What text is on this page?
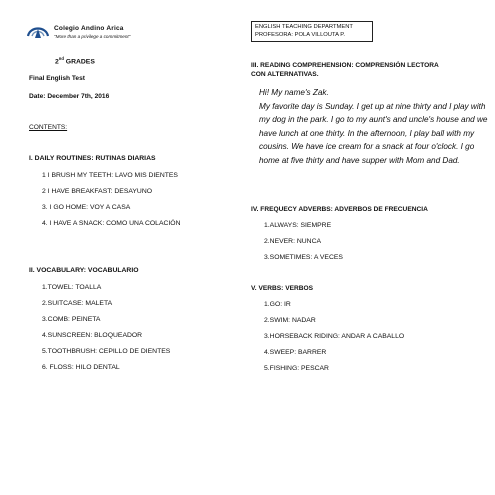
Colegio Andino Arica
"More than a privilege a commitment"
ENGLISH TEACHING DEPARTMENT
PROFESORA: POLA VILLOUTA P.
2nd GRADES
Final English Test
Date: December 7th, 2016
CONTENTS:
I. DAILY ROUTINES: RUTINAS DIARIAS
1 I BRUSH MY TEETH: LAVO MIS DIENTES
2 I HAVE BREAKFAST: DESAYUNO
3. I GO HOME: VOY A CASA
4. I HAVE A SNACK: COMO UNA COLACIÓN
II. VOCABULARY: VOCABULARIO
1.TOWEL: TOALLA
2.SUITCASE: MALETA
3.COMB: PEINETA
4.SUNSCREEN: BLOQUEADOR
5.TOOTHBRUSH: CEPILLO DE DIENTES
6. FLOSS: HILO DENTAL
III. READING COMPREHENSION: COMPRENSIÓN LECTORA
CON ALTERNATIVAS.

Hi! My name's Zak.

My favorite day is Sunday. I get up at nine thirty and I play with my dog in the park. I go to my aunt's and uncle's house and we have lunch at one thirty. In the afternoon, I play ball with my cousins. We have ice cream for a snack at four o'clock. I go home at five thirty and have supper with Mom and Dad.

IV. FREQUECY ADVERBS: ADVERBOS DE FRECUENCIA
1.ALWAYS: SIEMPRE
2.NEVER: NUNCA
3.SOMETIMES: A VECES
V. VERBS: VERBOS
1.GO: IR
2.SWIM: NADAR
3.HORSEBACK RIDING: ANDAR A CABALLO
4.SWEEP: BARRER
5.FISHING: PESCAR
